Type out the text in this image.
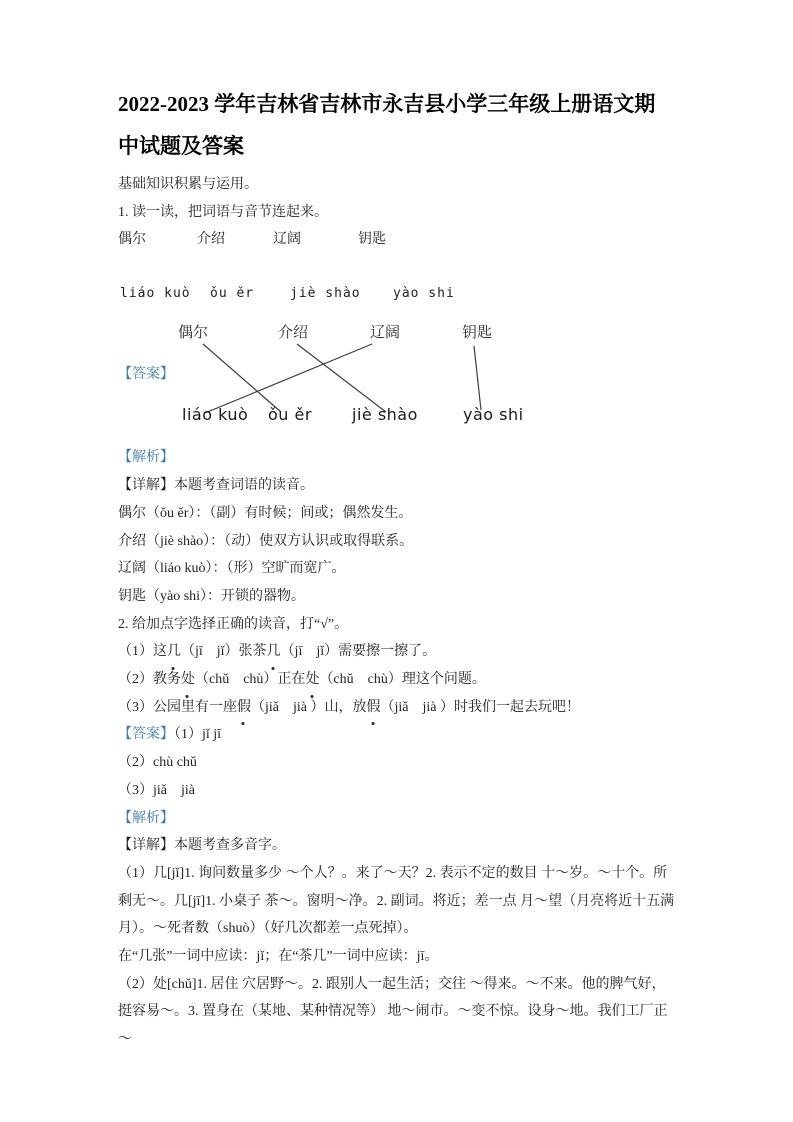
2022-2023 学年吉林省吉林市永吉县小学三年级上册语文期中试题及答案

基础知识积累与运用。

1. 读一读，把词语与音节连起来。

偶尔	介绍	辽阔	钥匙
liáo kuò ǒu ěr	jiè shào yào shi
偶尔	介绍	辽阔	钥匙
【答案】
liáo kuò ǒu ěr	jiè shào	yào shi

【解析】

【详解】本题考查词语的读音。

偶尔（ǒu ěr）：（副）有时候；间或；偶然发生。

介绍（jiè shào）：（动）使双方认识或取得联系。

辽阔（liáo kuò）：（形）空旷而宽广。

钥匙（yào shi）：开锁的器物。

2. 给加点字选择正确的读音，打“√”。

（1）这几（jī　jǐ）张茶几（jī　jǐ）需要擦一擦了。

（2）教务处（chǔ　chù）正在处（chǔ　chù）理这个问题。

（3）公园里有一座假（jiǎ　jià ）山，放假（jiǎ　jià ）时我们一起去玩吧！

【答案】（1）jǐ jī

（2）chù chǔ

（3）jiǎ　jià

【解析】

【详解】本题考查多音字。

（1）几[jǐ]1. 询问数量多少 ～个人？。来了～天？2. 表示不定的数目 十～岁。～十个。所剩无～。几[jī]1. 小桌子 茶～。窗明～净。2. 副词。将近；差一点 月～望（月亮将近十五满月）。～死者数（shuò）（好几次都差一点死掉）。

在“几张”一词中应读：jǐ；在“茶几”一词中应读：jī。

（2）处[chǔ]1. 居住 穴居野～。2. 跟别人一起生活；交往 ～得来。～不来。他的脾气好，挺容易～。3. 置身在（某地、某种情况等） 地～闹市。～变不惊。设身～地。我们工厂正～
